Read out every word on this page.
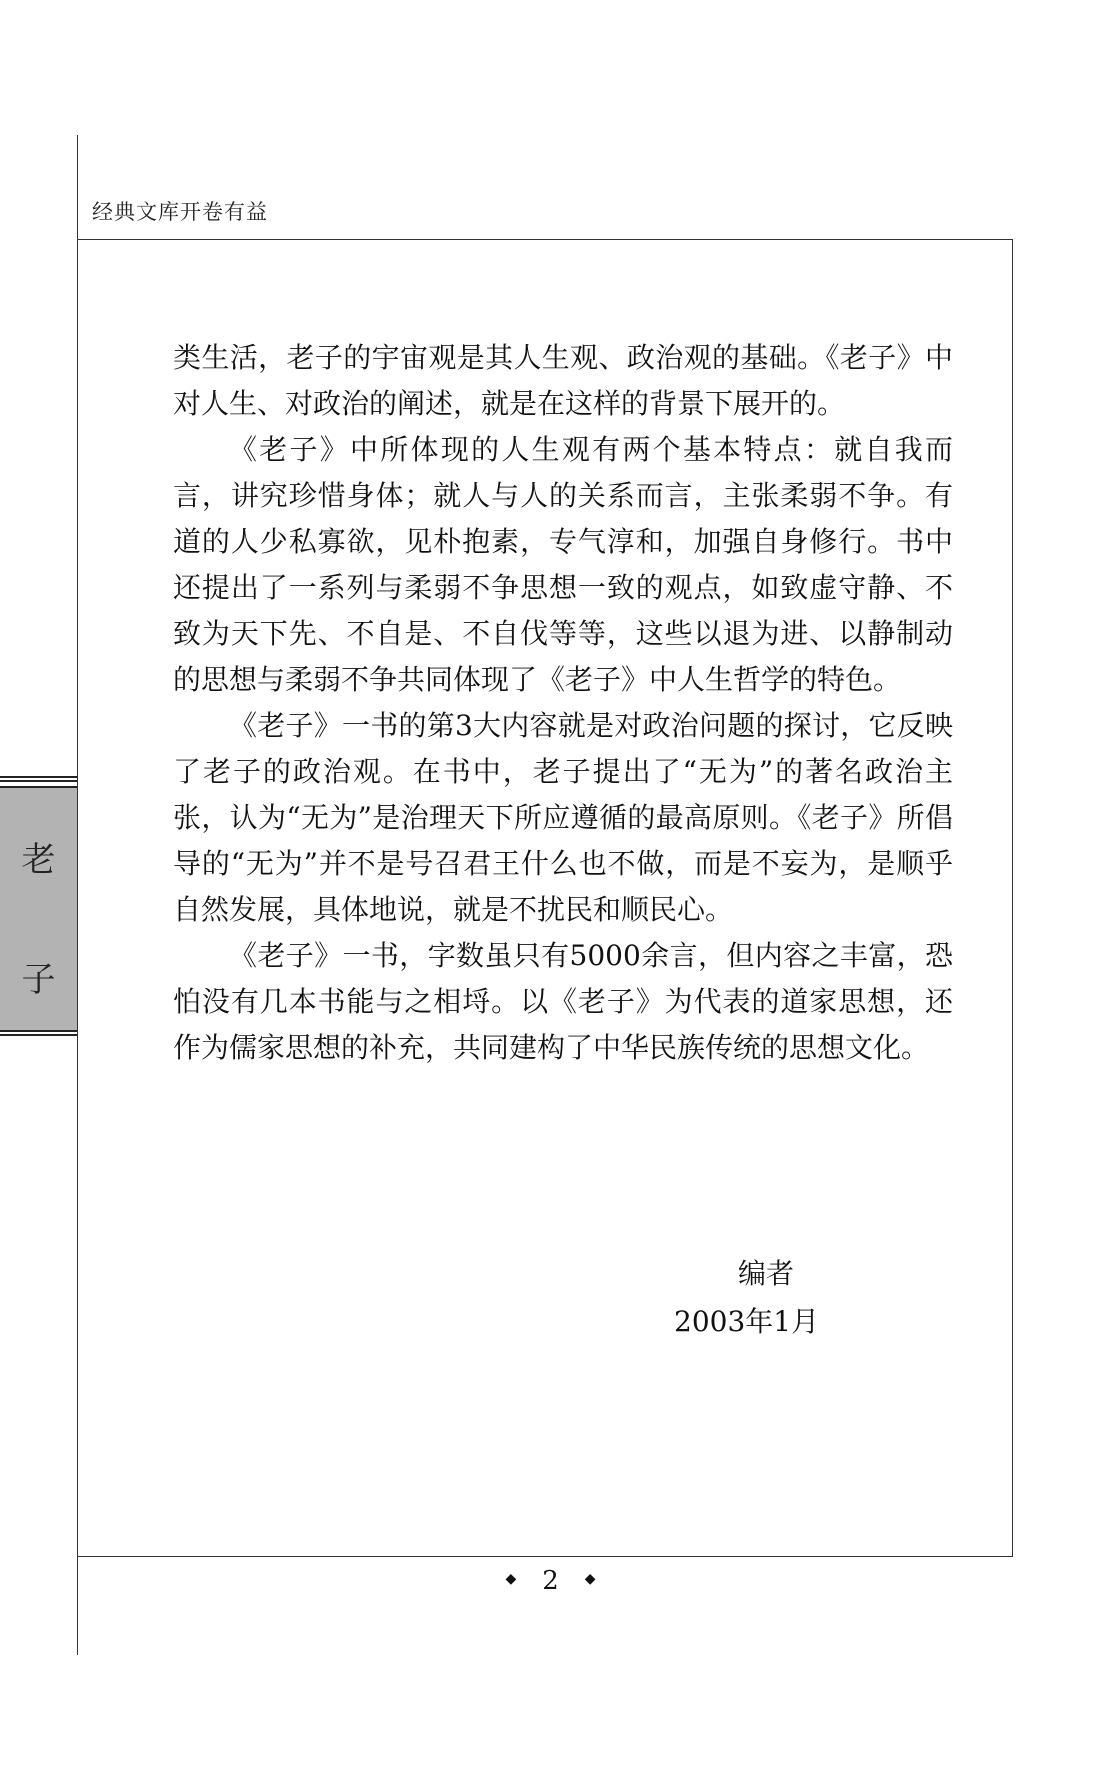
经典文库开卷有益
老
子

类生活，老子的宇宙观是其人生观、政治观的基础。《老子》中对人生、对政治的阐述，就是在这样的背景下展开的。

《老子》中所体现的人生观有两个基本特点：就自我而言，讲究珍惜身体；就人与人的关系而言，主张柔弱不争。有道的人少私寡欲，见朴抱素，专气淳和，加强自身修行。书中还提出了一系列与柔弱不争思想一致的观点，如致虚守静、不致为天下先、不自是、不自伐等等，这些以退为进、以静制动的思想与柔弱不争共同体现了《老子》中人生哲学的特色。

《老子》一书的第3大内容就是对政治问题的探讨，它反映了老子的政治观。在书中，老子提出了“无为”的著名政治主张，认为“无为”是治理天下所应遵循的最高原则。《老子》所倡导的“无为”并不是号召君王什么也不做，而是不妄为，是顺乎自然发展，具体地说，就是不扰民和顺民心。

《老子》一书，字数虽只有5000余言，但内容之丰富，恐怕没有几本书能与之相埒。以《老子》为代表的道家思想，还作为儒家思想的补充，共同建构了中华民族传统的思想文化。

编者
2003年1月
◆ 2 ◆
